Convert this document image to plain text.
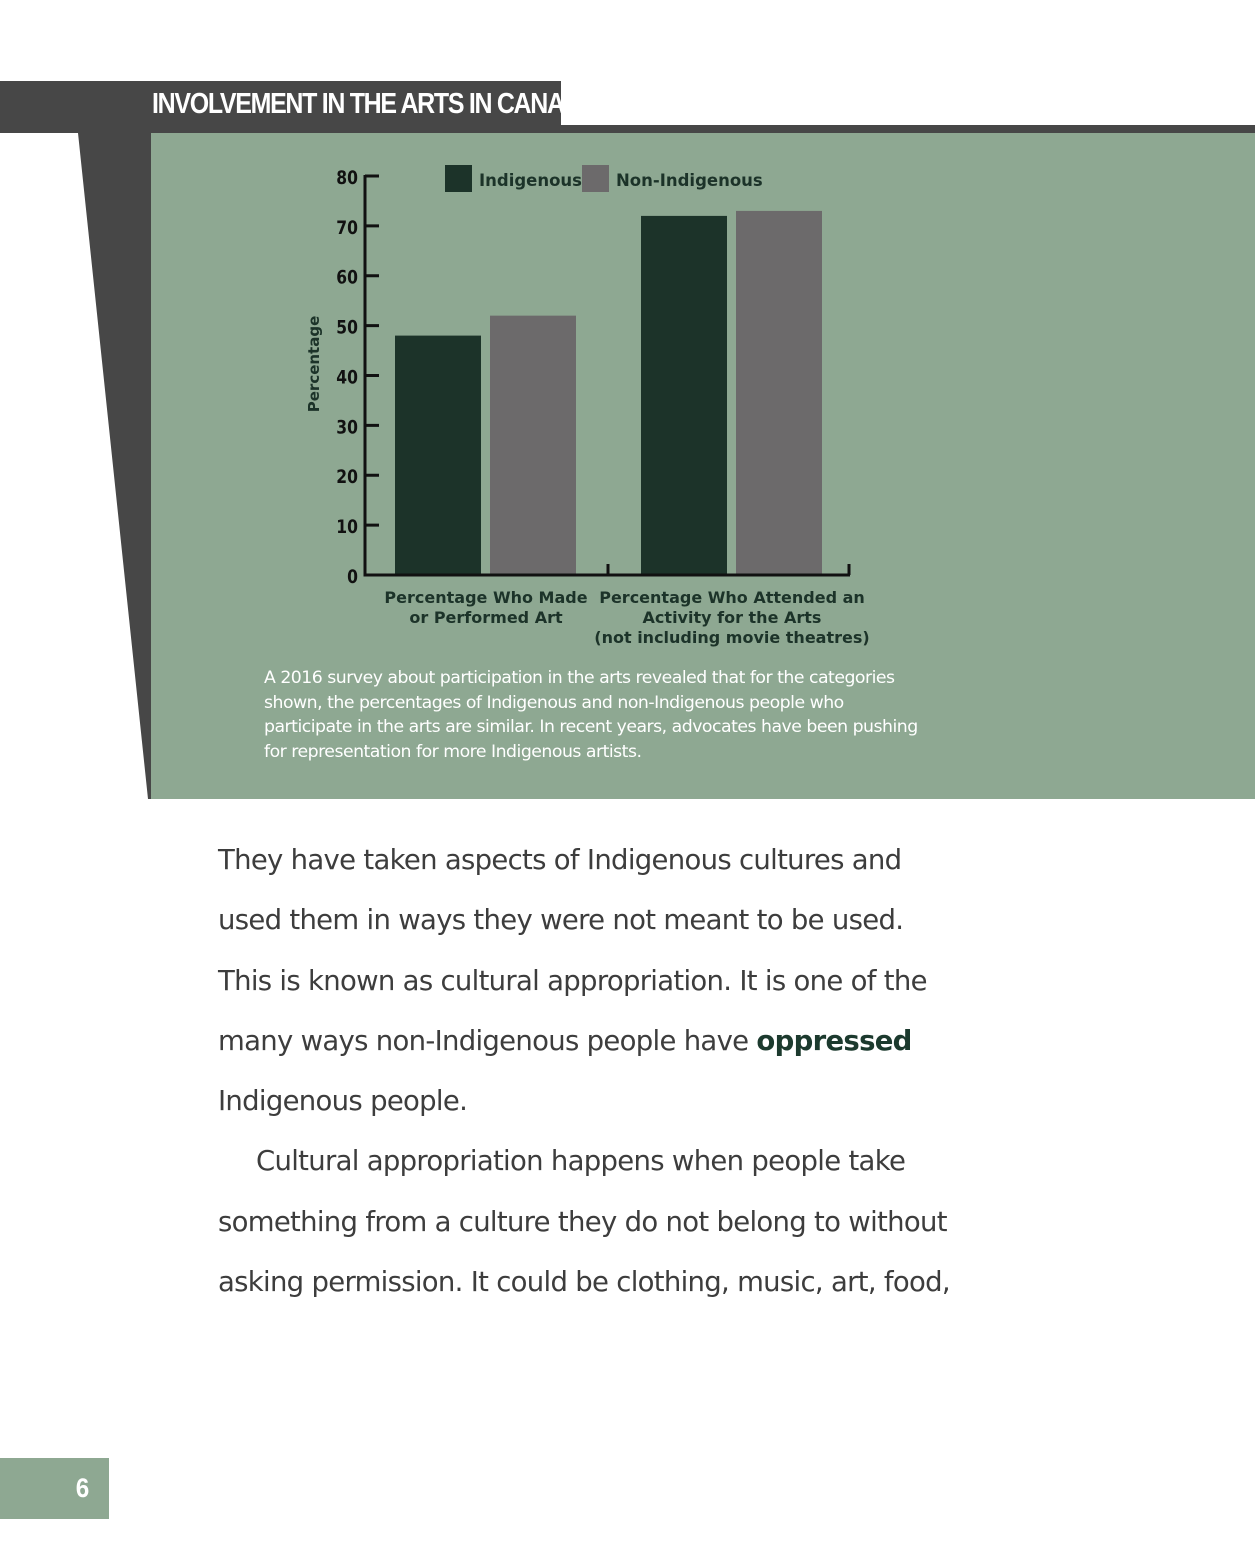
INVOLVEMENT IN THE ARTS IN CANADA
0
10
20
30
40
50
60
70
80	Indigenous Non-Indigenous
Percentage Who Made
or Performed Art
Percentage Who Attended an
Activity for the Arts
(not including movie theatres)
Percentage

A 2016 survey about participation in the arts revealed that for the categories shown, the percentages of Indigenous and non-Indigenous people who participate in the arts are similar. In recent years, advocates have been pushing for representation for more Indigenous artists.

They have taken aspects of Indigenous cultures and
used them in ways they were not meant to be used.
This is known as cultural appropriation. It is one of the
many ways non-Indigenous people have oppressed
Indigenous people.
Cultural appropriation happens when people take
something from a culture they do not belong to without
asking permission. It could be clothing, music, art, food,
6
